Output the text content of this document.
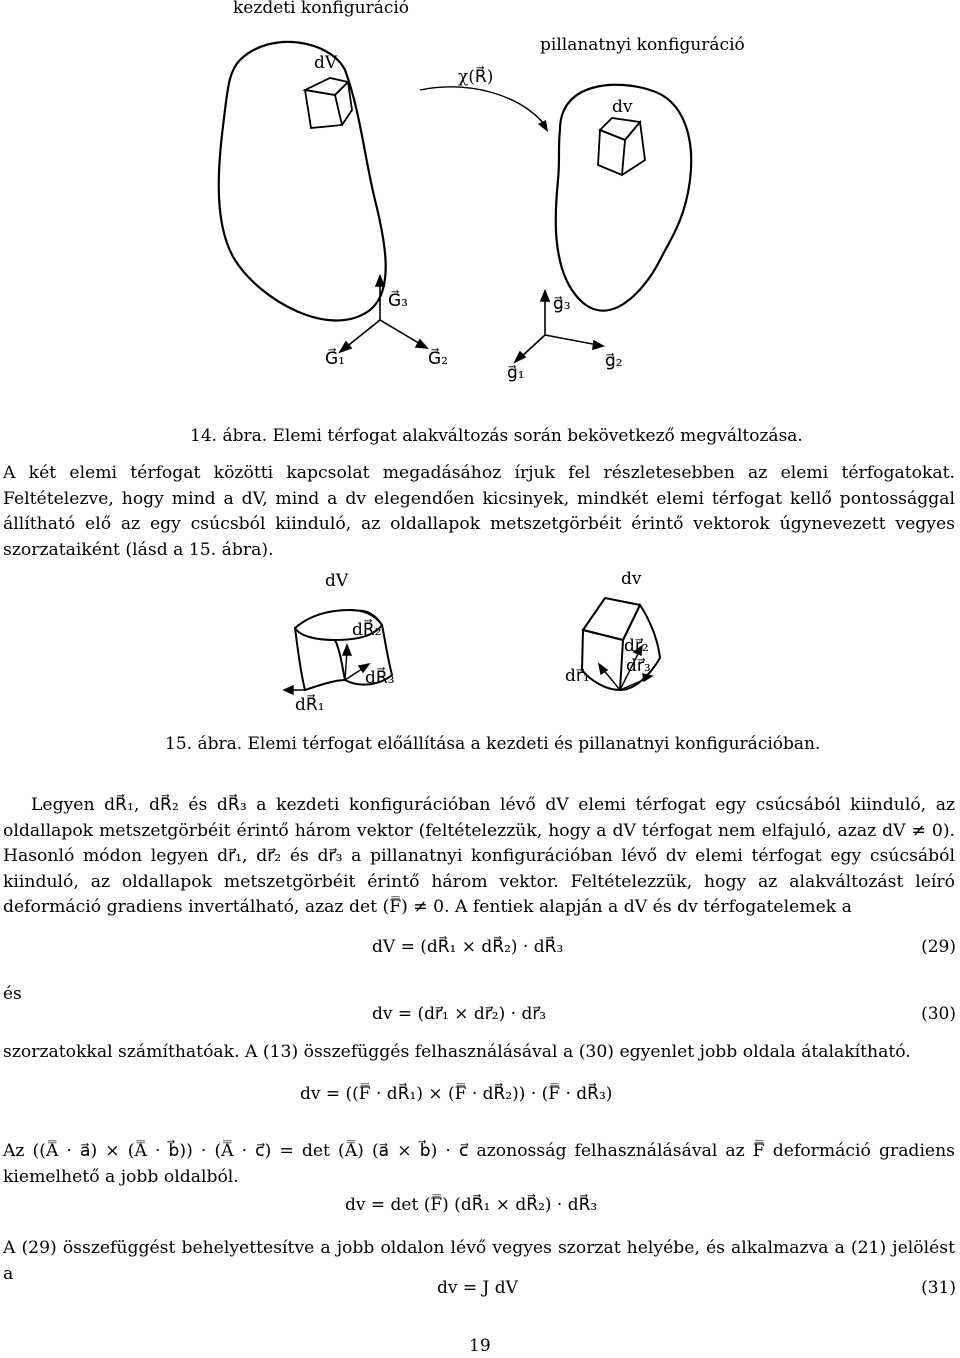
kezdeti konfiguráció
pillanatnyi konfiguráció
dV
χ(R⃗)
dv
G⃗₃
G⃗₁	G⃗₂
g⃗₃
g⃗₁
g⃗₂
14. ábra. Elemi térfogat alakváltozás során bekövetkező megváltozása.

A két elemi térfogat közötti kapcsolat megadásához írjuk fel részletesebben az elemi térfogatokat. Feltételezve, hogy mind a dV, mind a dv elegendően kicsinyek, mindkét elemi térfogat kellő pontossággal állítható elő az egy csúcsból kiinduló, az oldallapok metszetgörbéit érintő vektorok úgynevezett vegyes szorzataiként (lásd a 15. ábra).

dV	dv
dR⃗₂
dR⃗₃
dR⃗₁
dr⃗₂
dr⃗₃
dr⃗₁
15. ábra. Elemi térfogat előállítása a kezdeti és pillanatnyi konfigurációban.

Legyen dR⃗₁, dR⃗₂ és dR⃗₃ a kezdeti konfigurációban lévő dV elemi térfogat egy csúcsából kiinduló, az oldallapok metszetgörbéit érintő három vektor (feltételezzük, hogy a dV térfogat nem elfajuló, azaz dV ≠ 0). Hasonló módon legyen dr⃗₁, dr⃗₂ és dr⃗₃ a pillanatnyi konfigurációban lévő dv elemi térfogat egy csúcsából kiinduló, az oldallapok metszetgörbéit érintő három vektor. Feltételezzük, hogy az alakváltozást leíró deformáció gradiens invertálható, azaz det (F̿) ≠ 0. A fentiek alapján a dV és dv térfogatelemek a

dV = (dR⃗₁ × dR⃗₂) · dR⃗₃	(29)
és
dv = (dr⃗₁ × dr⃗₂) · dr⃗₃	(30)

szorzatokkal számíthatóak. A (13) összefüggés felhasználásával a (30) egyenlet jobb oldala átalakítható.

dv = ((F̿ · dR⃗₁) × (F̿ · dR⃗₂)) · (F̿ · dR⃗₃)

Az ((A̿ · a⃗) × (A̿ · b⃗)) · (A̿ · c⃗) = det (A̿) (a⃗ × b⃗) · c⃗ azonosság felhasználásával az F̿ deformáció gradiens kiemelhető a jobb oldalból.

dv = det (F̿) (dR⃗₁ × dR⃗₂) · dR⃗₃

A (29) összefüggést behelyettesítve a jobb oldalon lévő vegyes szorzat helyébe, és alkalmazva a (21) jelölést a

dv = J dV	(31)
19
